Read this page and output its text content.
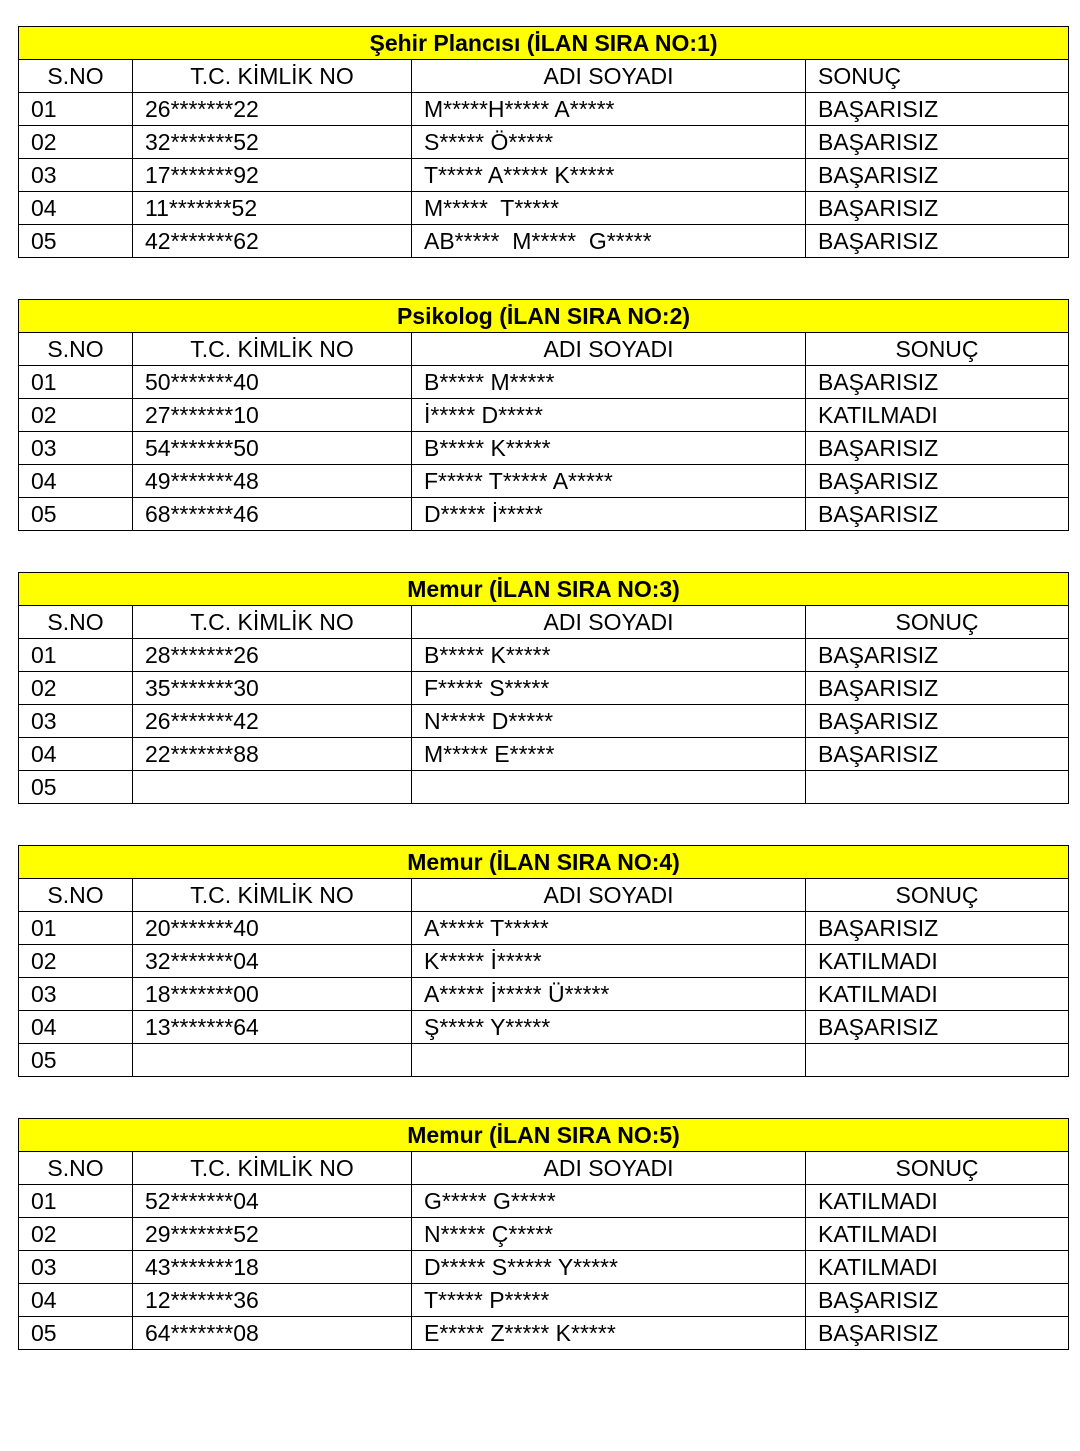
Şehir Plancısı (İLAN SIRA NO:1)			
S.NO	T.C. KİMLİK NO	ADI SOYADI	SONUÇ
01	26*******22	M*****H***** A*****	BAŞARISIZ
02	32*******52	S***** Ö*****	BAŞARISIZ
03	17*******92	T***** A***** K*****	BAŞARISIZ
04	11*******52	M*****  T*****	BAŞARISIZ
05	42*******62	AB*****  M*****  G*****	BAŞARISIZ
Psikolog (İLAN SIRA NO:2)			
S.NO	T.C. KİMLİK NO	ADI SOYADI	SONUÇ
01	50*******40	B***** M*****	BAŞARISIZ
02	27*******10	İ***** D*****	KATILMADI
03	54*******50	B***** K*****	BAŞARISIZ
04	49*******48	F***** T***** A*****	BAŞARISIZ
05	68*******46	D***** İ*****	BAŞARISIZ
Memur (İLAN SIRA NO:3)			
S.NO	T.C. KİMLİK NO	ADI SOYADI	SONUÇ
01	28*******26	B***** K*****	BAŞARISIZ
02	35*******30	F***** S*****	BAŞARISIZ
03	26*******42	N***** D*****	BAŞARISIZ
04	22*******88	M***** E*****	BAŞARISIZ
05			
Memur (İLAN SIRA NO:4)			
S.NO	T.C. KİMLİK NO	ADI SOYADI	SONUÇ
01	20*******40	A***** T*****	BAŞARISIZ
02	32*******04	K***** İ*****	KATILMADI
03	18*******00	A***** İ***** Ü*****	KATILMADI
04	13*******64	Ş***** Y*****	BAŞARISIZ
05			
Memur (İLAN SIRA NO:5)			
S.NO	T.C. KİMLİK NO	ADI SOYADI	SONUÇ
01	52*******04	G***** G*****	KATILMADI
02	29*******52	N***** Ç*****	KATILMADI
03	43*******18	D***** S***** Y*****	KATILMADI
04	12*******36	T***** P*****	BAŞARISIZ
05	64*******08	E***** Z***** K*****	BAŞARISIZ
